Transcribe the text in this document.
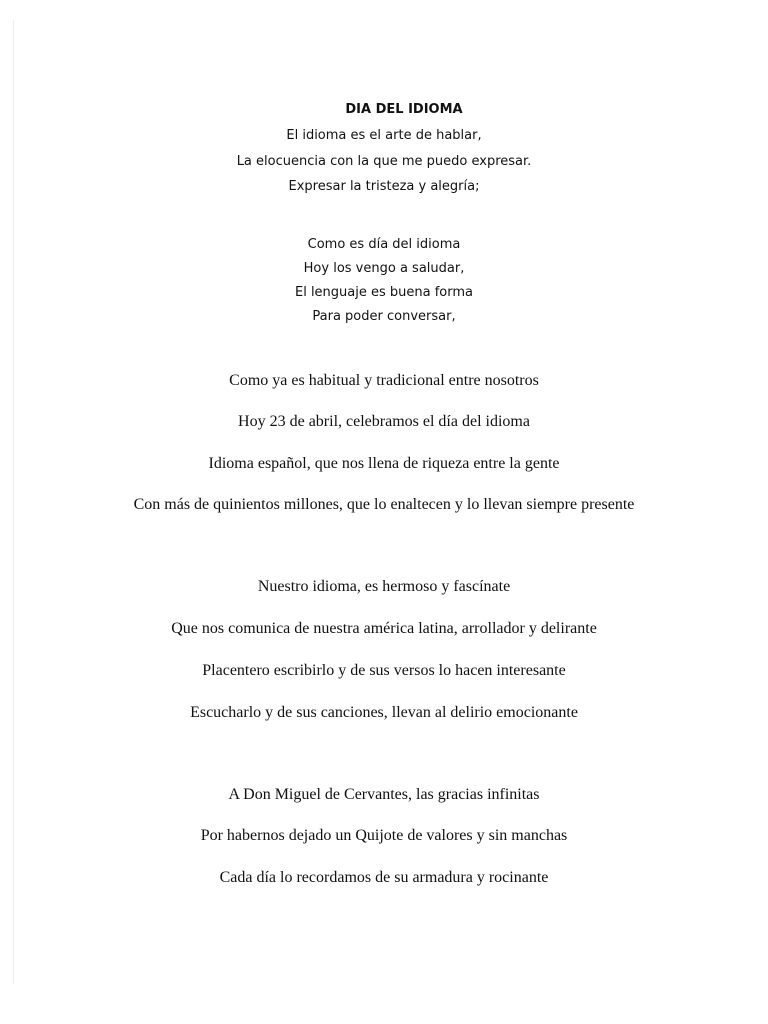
DIA DEL IDIOMA
El idioma es el arte de hablar,
La elocuencia con la que me puedo expresar.
Expresar la tristeza y alegría;
Como es día del idioma
Hoy los vengo a saludar,
El lenguaje es buena forma
Para poder conversar,
Como ya es habitual y tradicional entre nosotros
Hoy 23 de abril, celebramos el día del idioma
Idioma español, que nos llena de riqueza entre la gente
Con más de quinientos millones, que lo enaltecen y lo llevan siempre presente
Nuestro idioma, es hermoso y fascínate
Que nos comunica de nuestra américa latina, arrollador y delirante
Placentero escribirlo y de sus versos lo hacen interesante
Escucharlo y de sus canciones, llevan al delirio emocionante
A Don Miguel de Cervantes, las gracias infinitas
Por habernos dejado un Quijote de valores y sin manchas
Cada día lo recordamos de su armadura y rocinante
